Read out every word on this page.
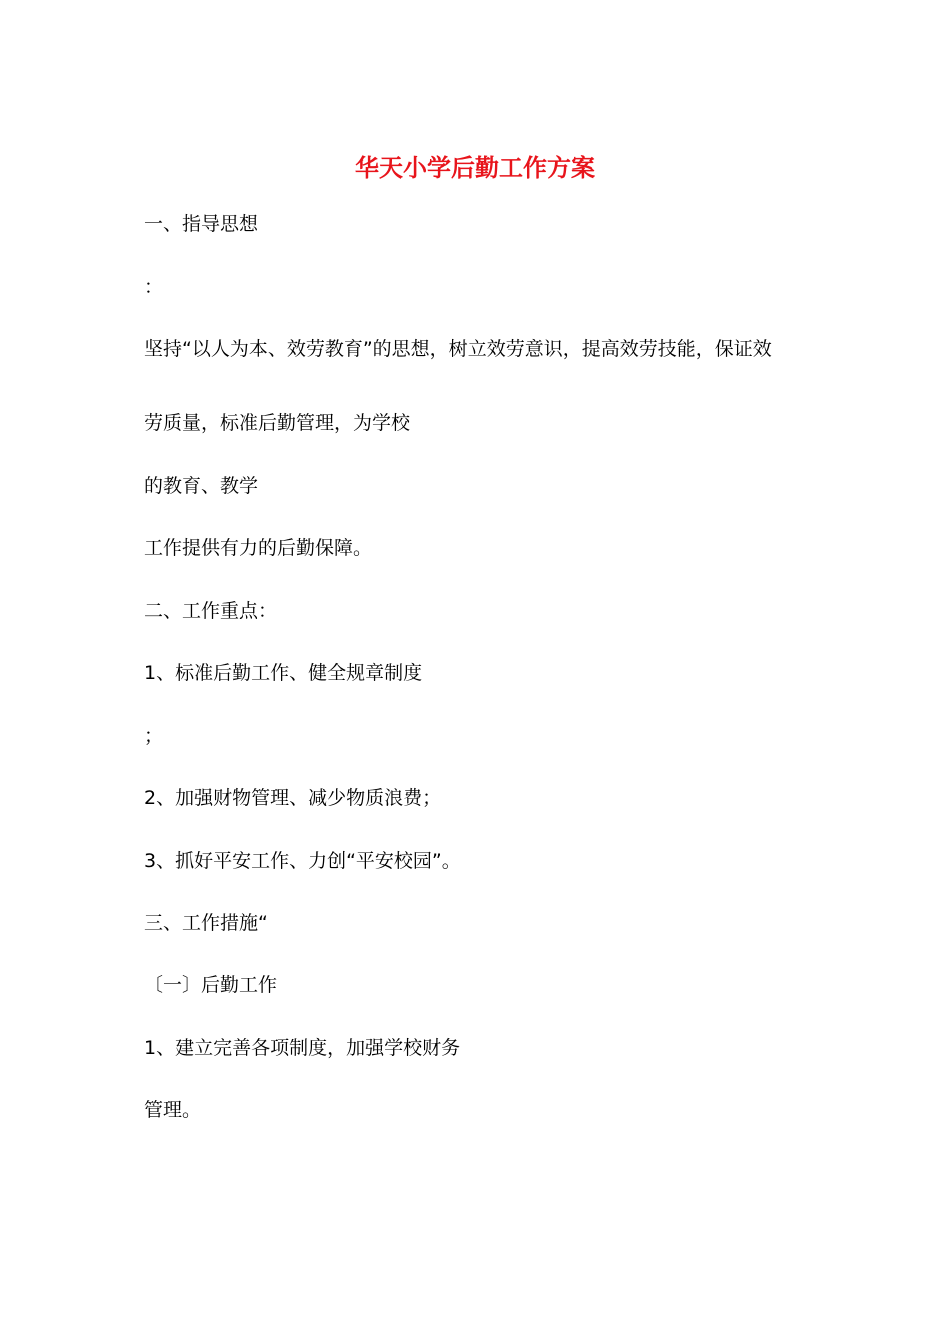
华天小学后勤工作方案
一、指导思想
：
坚持“以人为本、效劳教育”的思想，树立效劳意识，提高效劳技能，保证效
劳质量，标准后勤管理，为学校
的教育、教学
工作提供有力的后勤保障。
二、工作重点：
1、标准后勤工作、健全规章制度
；
2、加强财物管理、减少物质浪费；
3、抓好平安工作、力创“平安校园”。
三、工作措施“
〔一〕后勤工作
1、建立完善各项制度，加强学校财务
管理。
